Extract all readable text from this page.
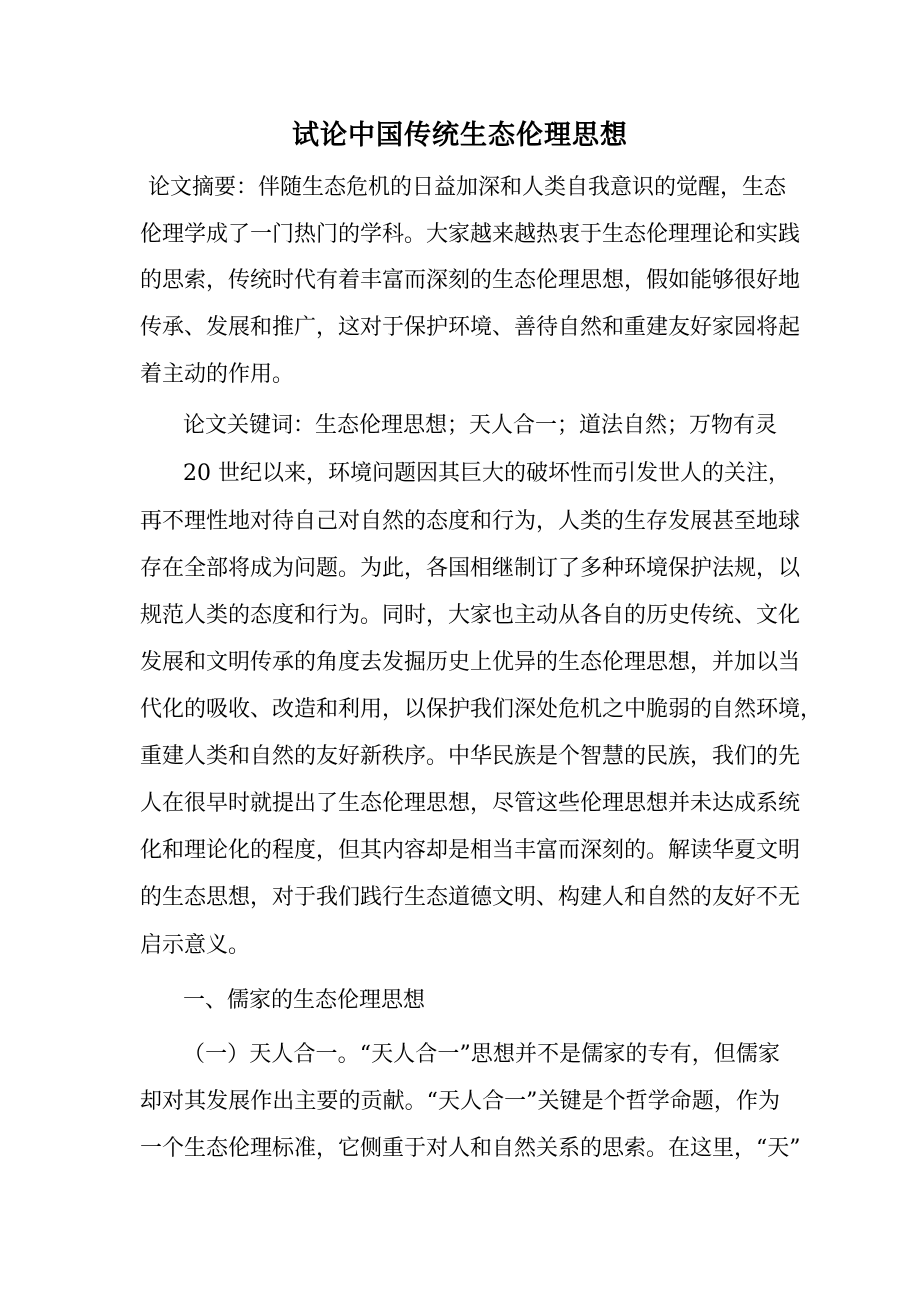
试论中国传统生态伦理思想

论文摘要：伴随生态危机的日益加深和人类自我意识的觉醒，生态

伦理学成了一门热门的学科。大家越来越热衷于生态伦理理论和实践

的思索，传统时代有着丰富而深刻的生态伦理思想，假如能够很好地

传承、发展和推广，这对于保护环境、善待自然和重建友好家园将起

着主动的作用。

论文关键词：生态伦理思想；天人合一；道法自然；万物有灵

20 世纪以来，环境问题因其巨大的破坏性而引发世人的关注，

再不理性地对待自己对自然的态度和行为，人类的生存发展甚至地球

存在全部将成为问题。为此，各国相继制订了多种环境保护法规，以

规范人类的态度和行为。同时，大家也主动从各自的历史传统、文化

发展和文明传承的角度去发掘历史上优异的生态伦理思想，并加以当

代化的吸收、改造和利用，以保护我们深处危机之中脆弱的自然环境，

重建人类和自然的友好新秩序。中华民族是个智慧的民族，我们的先

人在很早时就提出了生态伦理思想，尽管这些伦理思想并未达成系统

化和理论化的程度，但其内容却是相当丰富而深刻的。解读华夏文明

的生态思想，对于我们践行生态道德文明、构建人和自然的友好不无

启示意义。

一、儒家的生态伦理思想

（一）天人合一。“天人合一”思想并不是儒家的专有，但儒家

却对其发展作出主要的贡献。“天人合一”关键是个哲学命题，作为

一个生态伦理标准，它侧重于对人和自然关系的思索。在这里，“天”
